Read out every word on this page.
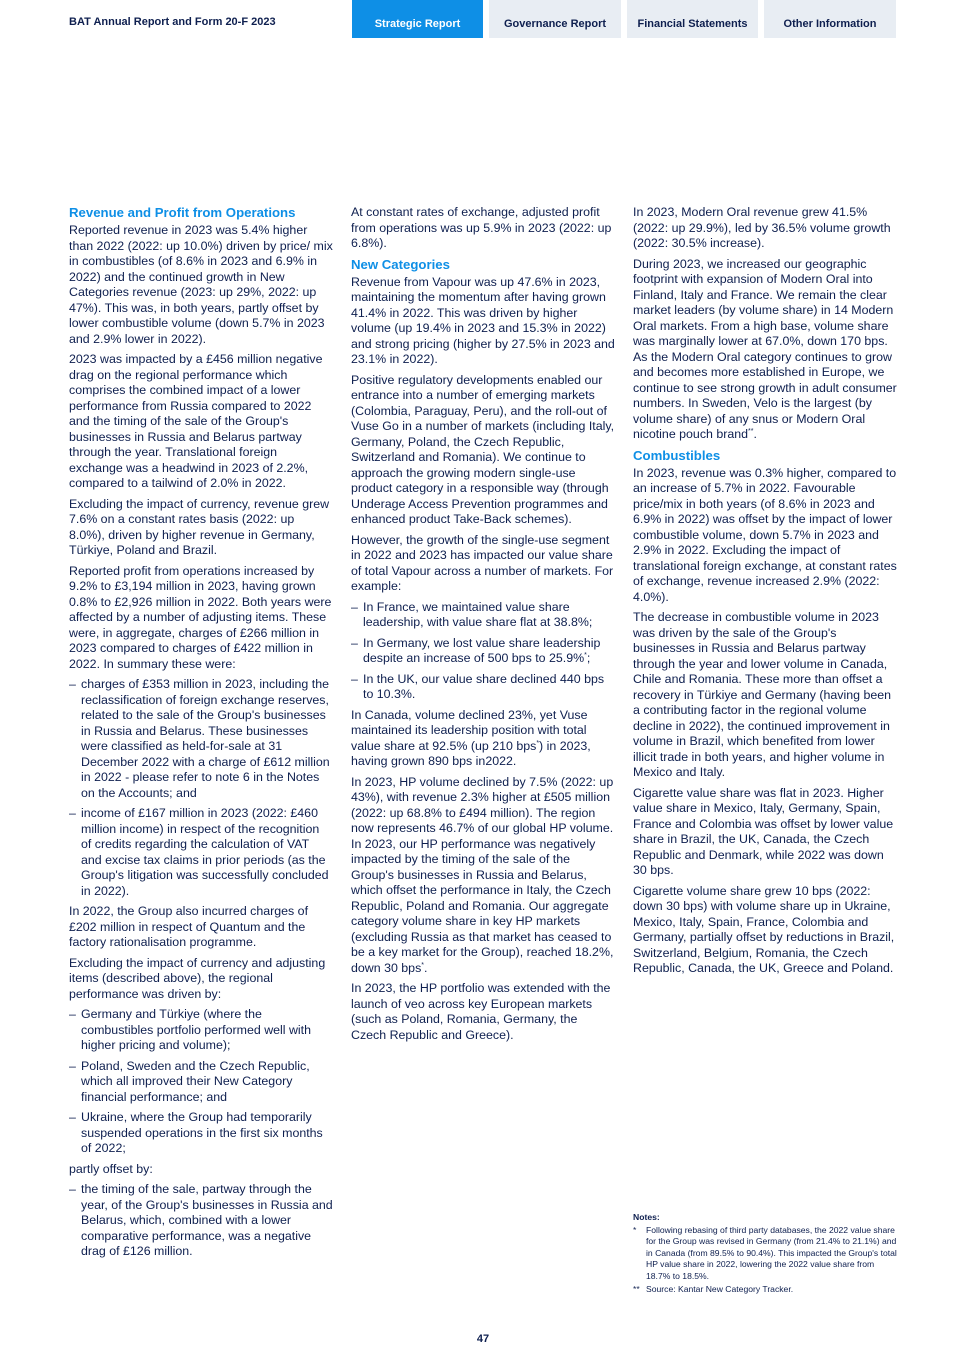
BAT Annual Report and Form 20-F 2023	Strategic Report	Governance Report	Financial Statements	Other Information
Revenue and Profit from Operations

Reported revenue in 2023 was 5.4% higher than 2022 (2022: up 10.0%) driven by price/ mix in combustibles (of 8.6% in 2023 and 6.9% in 2022) and the continued growth in New Categories revenue (2023: up 29%, 2022: up 47%). This was, in both years, partly offset by lower combustible volume (down 5.7% in 2023 and 2.9% lower in 2022).

2023 was impacted by a £456 million negative drag on the regional performance which comprises the combined impact of a lower performance from Russia compared to 2022 and the timing of the sale of the Group's businesses in Russia and Belarus partway through the year. Translational foreign exchange was a headwind in 2023 of 2.2%, compared to a tailwind of 2.0% in 2022.

Excluding the impact of currency, revenue grew 7.6% on a constant rates basis (2022: up 8.0%), driven by higher revenue in Germany, Türkiye, Poland and Brazil.

Reported profit from operations increased by 9.2% to £3,194 million in 2023, having grown 0.8% to £2,926 million in 2022. Both years were affected by a number of adjusting items. These were, in aggregate, charges of £266 million in 2023 compared to charges of £422 million in 2022. In summary these were:

– charges of £353 million in 2023, including the reclassification of foreign exchange reserves, related to the sale of the Group's businesses in Russia and Belarus. These businesses were classified as held-for-sale at 31 December 2022 with a charge of £612 million in 2022 - please refer to note 6 in the Notes on the Accounts; and
– income of £167 million in 2023 (2022: £460 million income) in respect of the recognition of credits regarding the calculation of VAT and excise tax claims in prior periods (as the Group's litigation was successfully concluded in 2022).

In 2022, the Group also incurred charges of £202 million in respect of Quantum and the factory rationalisation programme.

Excluding the impact of currency and adjusting items (described above), the regional performance was driven by:

– Germany and Türkiye (where the combustibles portfolio performed well with higher pricing and volume);
– Poland, Sweden and the Czech Republic, which all improved their New Category financial performance; and
– Ukraine, where the Group had temporarily suspended operations in the first six months of 2022;

partly offset by:

– the timing of the sale, partway through the year, of the Group's businesses in Russia and Belarus, which, combined with a lower comparative performance, was a negative drag of £126 million.

At constant rates of exchange, adjusted profit from operations was up 5.9% in 2023 (2022: up 6.8%).

New Categories

Revenue from Vapour was up 47.6% in 2023, maintaining the momentum after having grown 41.4% in 2022. This was driven by higher volume (up 19.4% in 2023 and 15.3% in 2022) and strong pricing (higher by 27.5% in 2023 and 23.1% in 2022).

Positive regulatory developments enabled our entrance into a number of emerging markets (Colombia, Paraguay, Peru), and the roll-out of Vuse Go in a number of markets (including Italy, Germany, Poland, the Czech Republic, Switzerland and Romania). We continue to approach the growing modern single-use product category in a responsible way (through Underage Access Prevention programmes and enhanced product Take-Back schemes).

However, the growth of the single-use segment in 2022 and 2023 has impacted our value share of total Vapour across a number of markets. For example:

– In France, we maintained value share leadership, with value share flat at 38.8%;
– In Germany, we lost value share leadership despite an increase of 500 bps to 25.9%*;
– In the UK, our value share declined 440 bps to 10.3%.

In Canada, volume declined 23%, yet Vuse maintained its leadership position with total value share at 92.5% (up 210 bps*) in 2023, having grown 890 bps in2022.

In 2023, HP volume declined by 7.5% (2022: up 43%), with revenue 2.3% higher at £505 million (2022: up 68.8% to £494 million). The region now represents 46.7% of our global HP volume. In 2023, our HP performance was negatively impacted by the timing of the sale of the Group's businesses in Russia and Belarus, which offset the performance in Italy, the Czech Republic, Poland and Romania. Our aggregate category volume share in key HP markets (excluding Russia as that market has ceased to be a key market for the Group), reached 18.2%, down 30 bps*.

In 2023, the HP portfolio was extended with the launch of veo across key European markets (such as Poland, Romania, Germany, the Czech Republic and Greece).

In 2023, Modern Oral revenue grew 41.5% (2022: up 29.9%), led by 36.5% volume growth (2022: 30.5% increase).

During 2023, we increased our geographic footprint with expansion of Modern Oral into Finland, Italy and France. We remain the clear market leaders (by volume share) in 14 Modern Oral markets. From a high base, volume share was marginally lower at 67.0%, down 170 bps. As the Modern Oral category continues to grow and becomes more established in Europe, we continue to see strong growth in adult consumer numbers. In Sweden, Velo is the largest (by volume share) of any snus or Modern Oral nicotine pouch brand**.

Combustibles

In 2023, revenue was 0.3% higher, compared to an increase of 5.7% in 2022. Favourable price/mix in both years (of 8.6% in 2023 and 6.9% in 2022) was offset by the impact of lower combustible volume, down 5.7% in 2023 and 2.9% in 2022. Excluding the impact of translational foreign exchange, at constant rates of exchange, revenue increased 2.9% (2022: 4.0%).

The decrease in combustible volume in 2023 was driven by the sale of the Group's businesses in Russia and Belarus partway through the year and lower volume in Canada, Chile and Romania. These more than offset a recovery in Türkiye and Germany (having been a contributing factor in the regional volume decline in 2022), the continued improvement in volume in Brazil, which benefited from lower illicit trade in both years, and higher volume in Mexico and Italy.

Cigarette value share was flat in 2023. Higher value share in Mexico, Italy, Germany, Spain, France and Colombia was offset by lower value share in Brazil, the UK, Canada, the Czech Republic and Denmark, while 2022 was down 30 bps.

Cigarette volume share grew 10 bps (2022: down 30 bps) with volume share up in Ukraine, Mexico, Italy, Spain, France, Colombia and Germany, partially offset by reductions in Brazil, Switzerland, Belgium, Romania, the Czech Republic, Canada, the UK, Greece and Poland.

Notes:
* Following rebasing of third party databases, the 2022 value share for the Group was revised in Germany (from 21.4% to 21.1%) and in Canada (from 89.5% to 90.4%). This impacted the Group's total HP value share in 2022, lowering the 2022 value share from 18.7% to 18.5%.
** Source: Kantar New Category Tracker.
47
